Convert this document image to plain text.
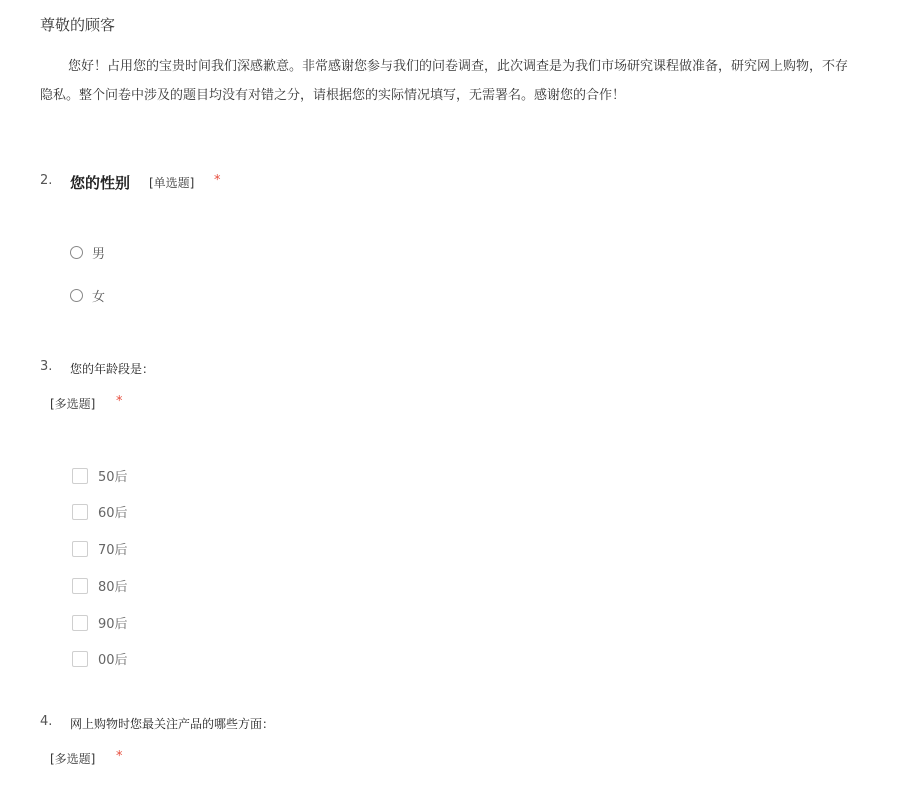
尊敬的顾客
您好！占用您的宝贵时间我们深感歉意。非常感谢您参与我们的问卷调查，此次调查是为我们市场研究课程做准备，研究网上购物，不存
隐私。整个问卷中涉及的题目均没有对错之分，请根据您的实际情况填写，无需署名。感谢您的合作！
2. 您的性别 [单选题] *
男
女
3. 您的年龄段是：
[多选题] *
50后
60后
70后
80后
90后
00后
4. 网上购物时您最关注产品的哪些方面：
[多选题] *
